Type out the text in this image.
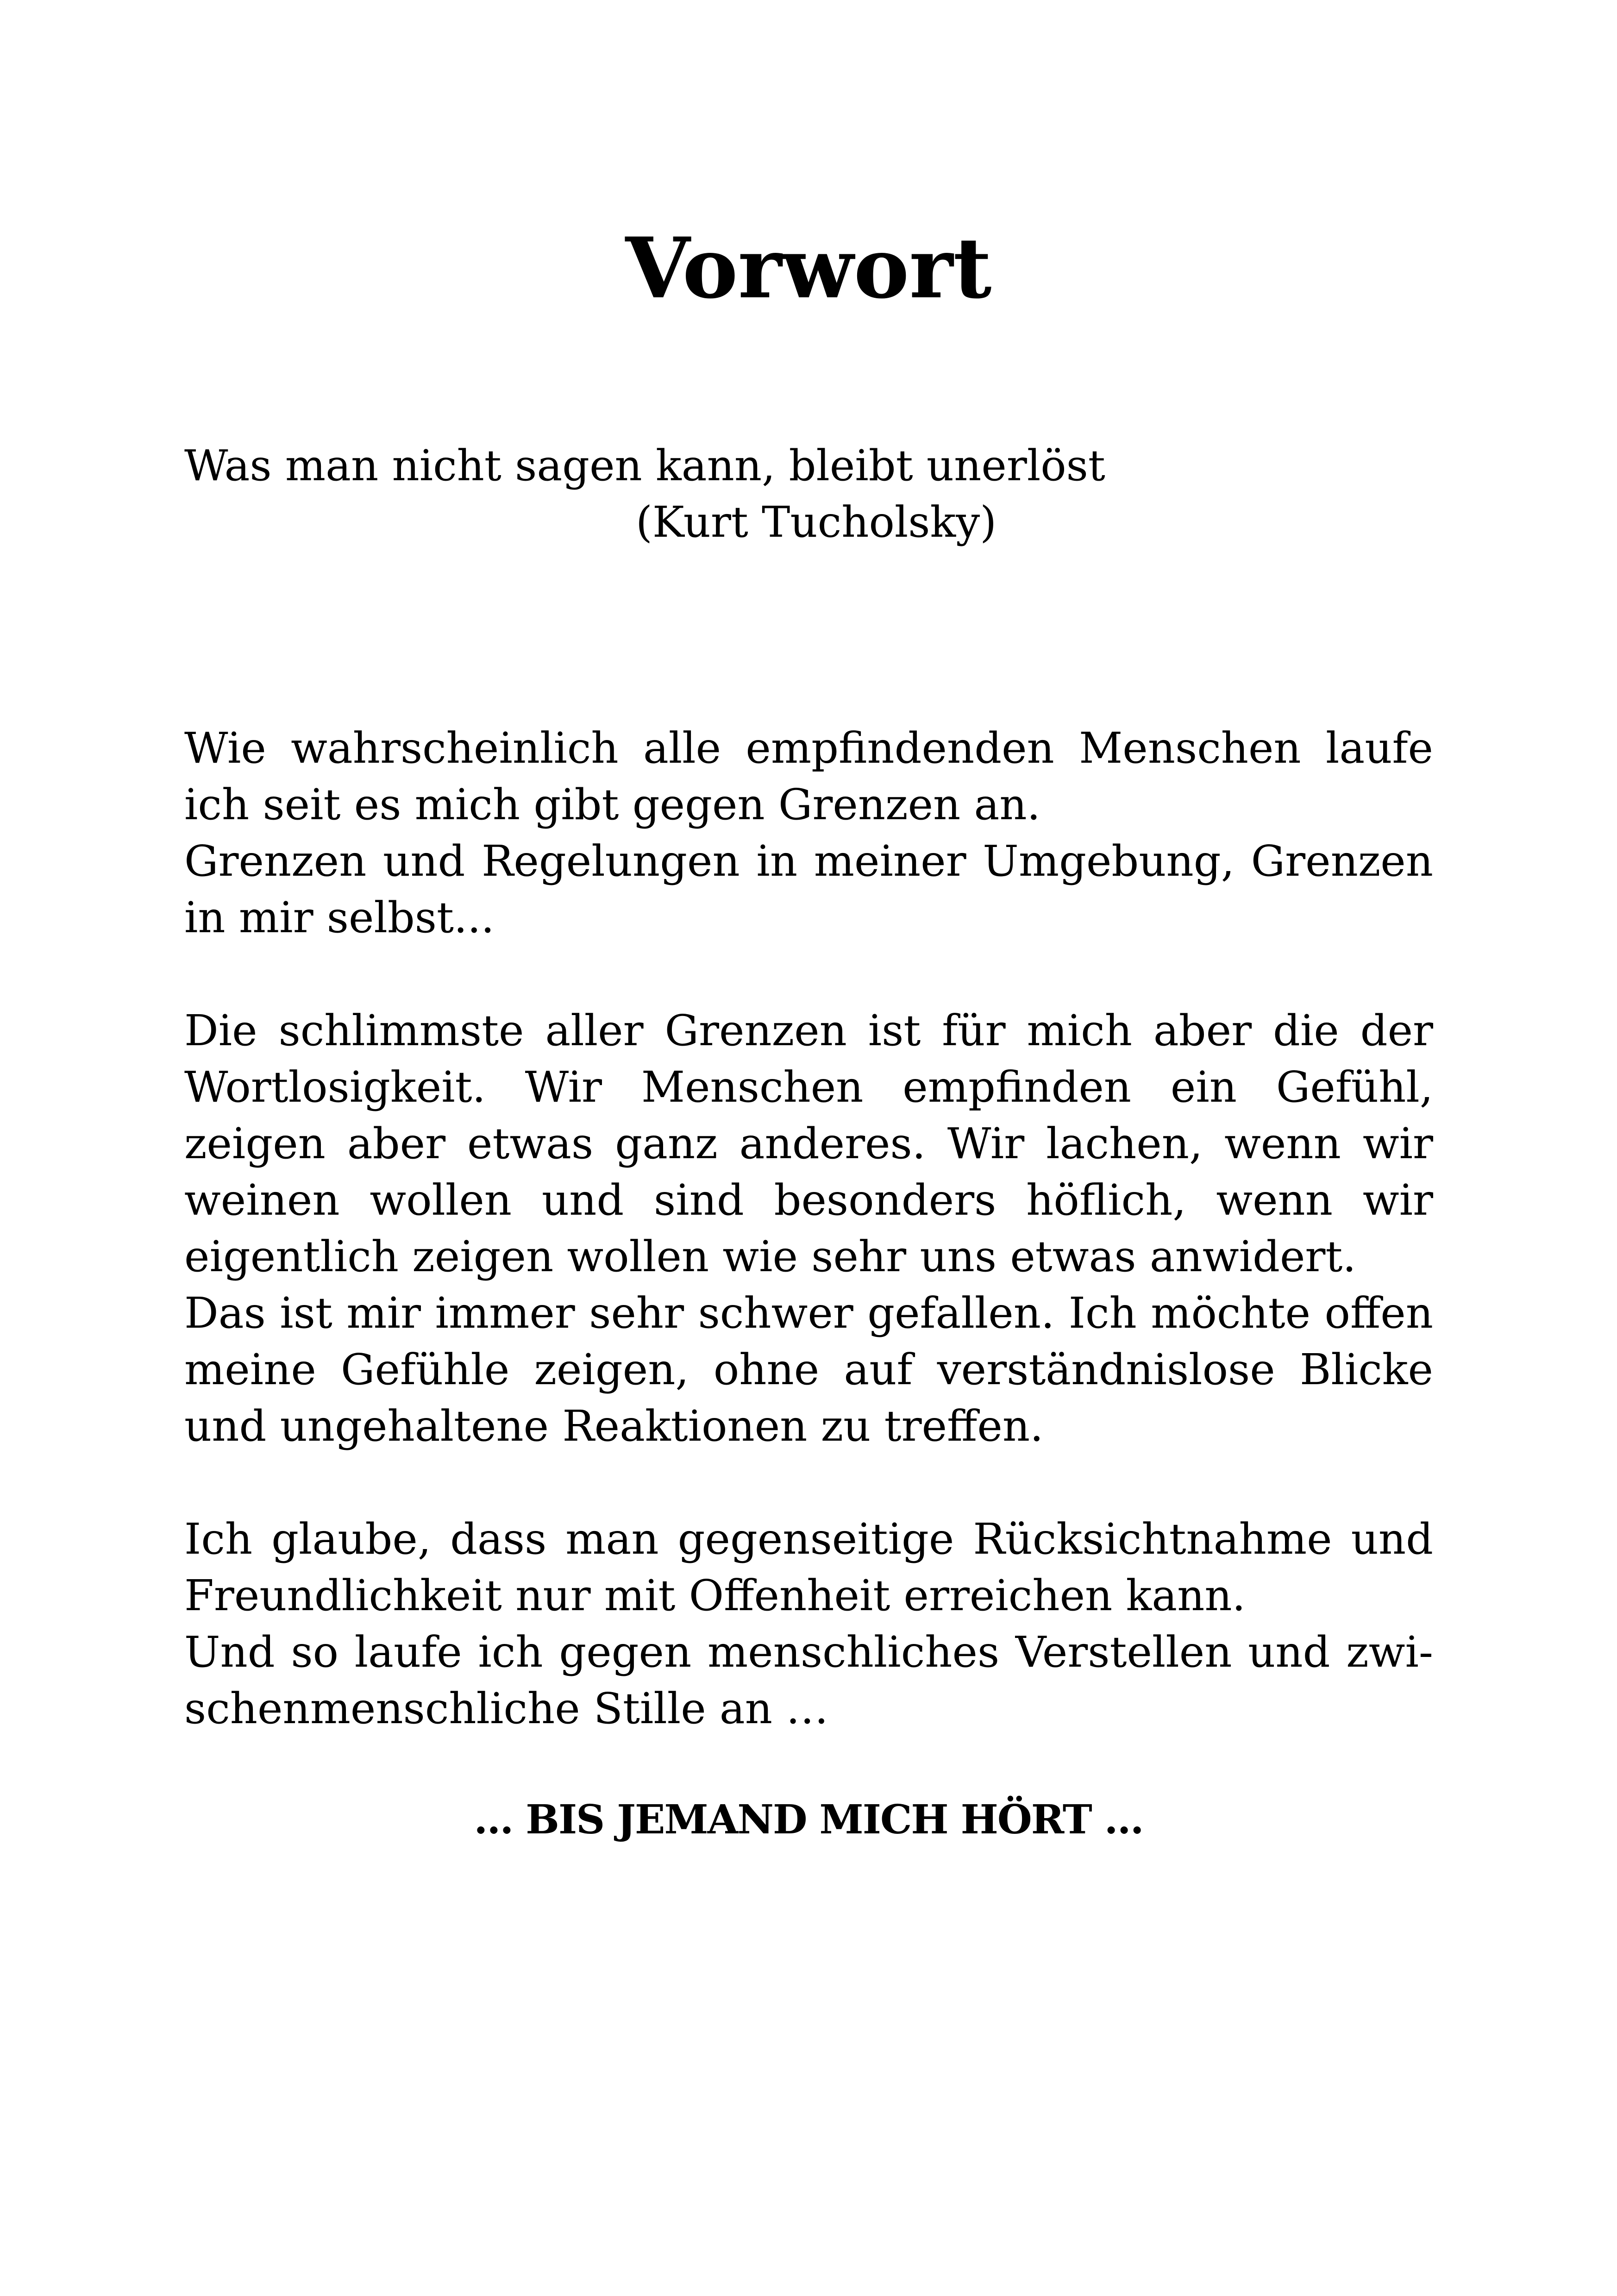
Vorwort
Was man nicht sagen kann, bleibt unerlöst
(Kurt Tucholsky)

Wie wahrscheinlich alle empfindenden Menschen laufe ich seit es mich gibt gegen Grenzen an.

Grenzen und Regelungen in meiner Umgebung, Grenzen in mir selbst...

Die schlimmste aller Grenzen ist für mich aber die der Wortlosigkeit. Wir Menschen empfinden ein Gefühl, zeigen aber etwas ganz anderes. Wir lachen, wenn wir weinen wollen und sind besonders höflich, wenn wir eigentlich zeigen wollen wie sehr uns etwas anwidert.

Das ist mir immer sehr schwer gefallen. Ich möchte offen meine Gefühle zeigen, ohne auf verständnislose Blicke und ungehaltene Reaktionen zu treffen.

Ich glaube, dass man gegenseitige Rücksichtnahme und Freundlichkeit nur mit Offenheit erreichen kann.

Und so laufe ich gegen menschliches Verstellen und zwischenmenschliche Stille an …

… BIS JEMAND MICH HÖRT …
